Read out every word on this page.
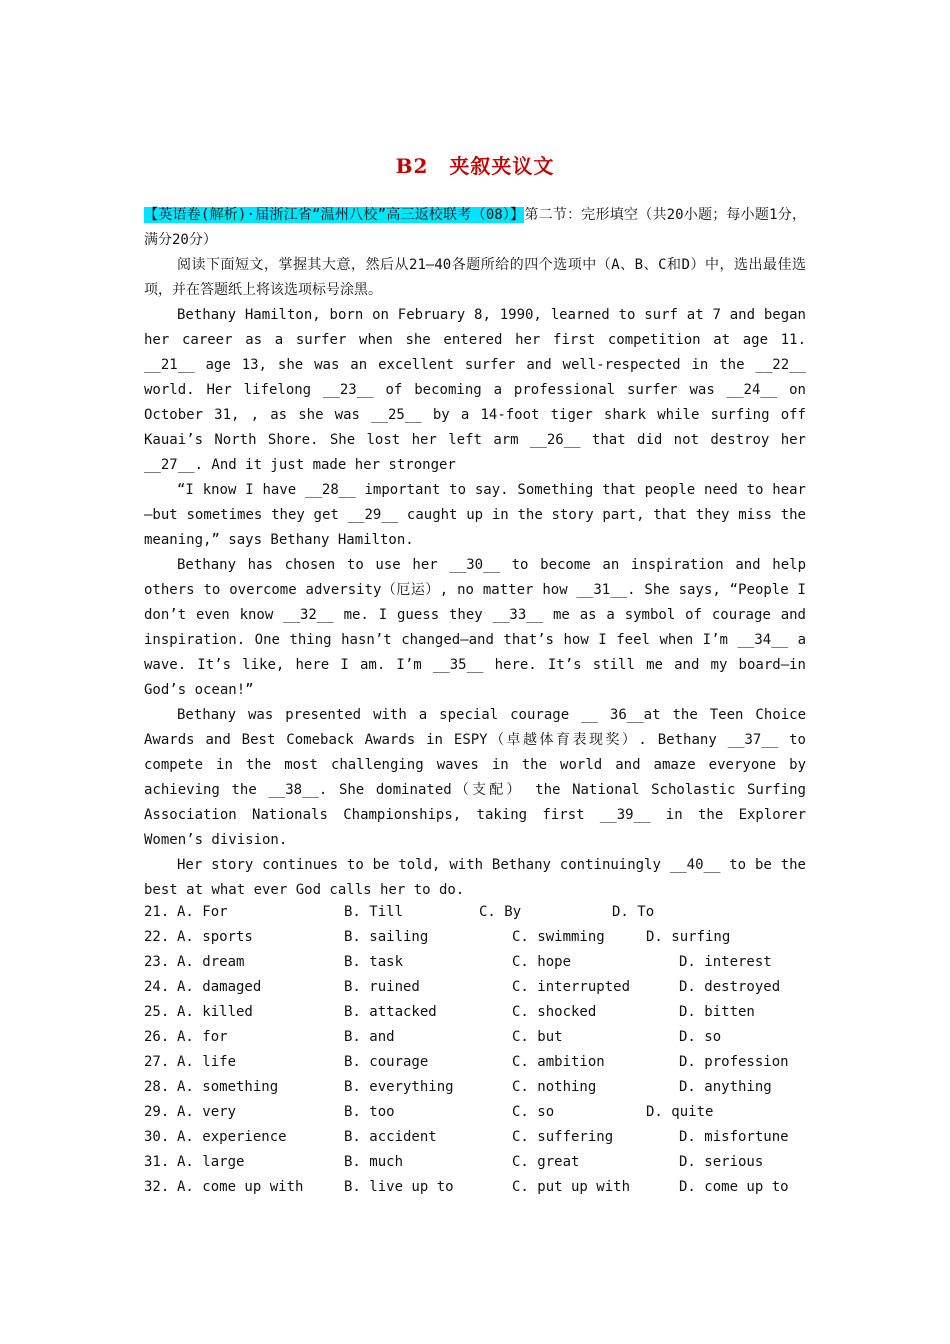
B2　夹叙夹议文

【英语卷(解析)·届浙江省“温州八校”高三返校联考（08）】第二节：完形填空（共20小题；每小题1分，满分20分）

阅读下面短文，掌握其大意，然后从21—40各题所给的四个选项中（A、B、C和D）中，选出最佳选项，并在答题纸上将该选项标号涂黑。

Bethany Hamilton, born on February 8, 1990, learned to surf at 7 and began her career as a surfer when she entered her first competition at age 11. __21__ age 13, she was an excellent surfer and well-respected in the __22__ world. Her lifelong __23__ of becoming a professional surfer was __24__ on October 31, , as she was __25__ by a 14-foot tiger shark while surfing off Kauai’s North Shore. She lost her left arm __26__ that did not destroy her __27__. And it just made her stronger

“I know I have __28__ important to say. Something that people need to hear—but sometimes they get __29__ caught up in the story part, that they miss the meaning,” says Bethany Hamilton.

Bethany has chosen to use her __30__ to become an inspiration and help others to overcome adversity（厄运）, no matter how __31__. She says, “People I don’t even know __32__ me. I guess they __33__ me as a symbol of courage and inspiration. One thing hasn’t changed—and that’s how I feel when I’m __34__ a wave. It’s like, here I am. I’m __35__ here. It’s still me and my board—in God’s ocean!”

Bethany was presented with a special courage __ 36__at the Teen Choice Awards and Best Comeback Awards in ESPY（卓越体育表现奖）. Bethany __37__ to compete in the most challenging waves in the world and amaze everyone by achieving the __38__. She dominated（支配） the National Scholastic Surfing Association Nationals Championships, taking first __39__ in the Explorer Women’s division.

Her story continues to be told, with Bethany continuingly __40__ to be the best at what ever God calls her to do.

21. A. For	B. Till	C. By	D. To
22. A. sports	B. sailing	C. swimming	D. surfing
23. A. dream	B. task	C. hope	D. interest
24. A. damaged	B. ruined	C. interrupted	D. destroyed
25. A. killed	B. attacked	C. shocked	D. bitten
26. A. for	B. and	C. but	D. so
27. A. life	B. courage	C. ambition	D. profession
28. A. something	B. everything	C. nothing	D. anything
29. A. very	B. too	C. so	D. quite
30. A. experience	B. accident	C. suffering	D. misfortune
31. A. large	B. much	C. great	D. serious
32. A. come up with	B. live up to	C. put up with	D. come up to
